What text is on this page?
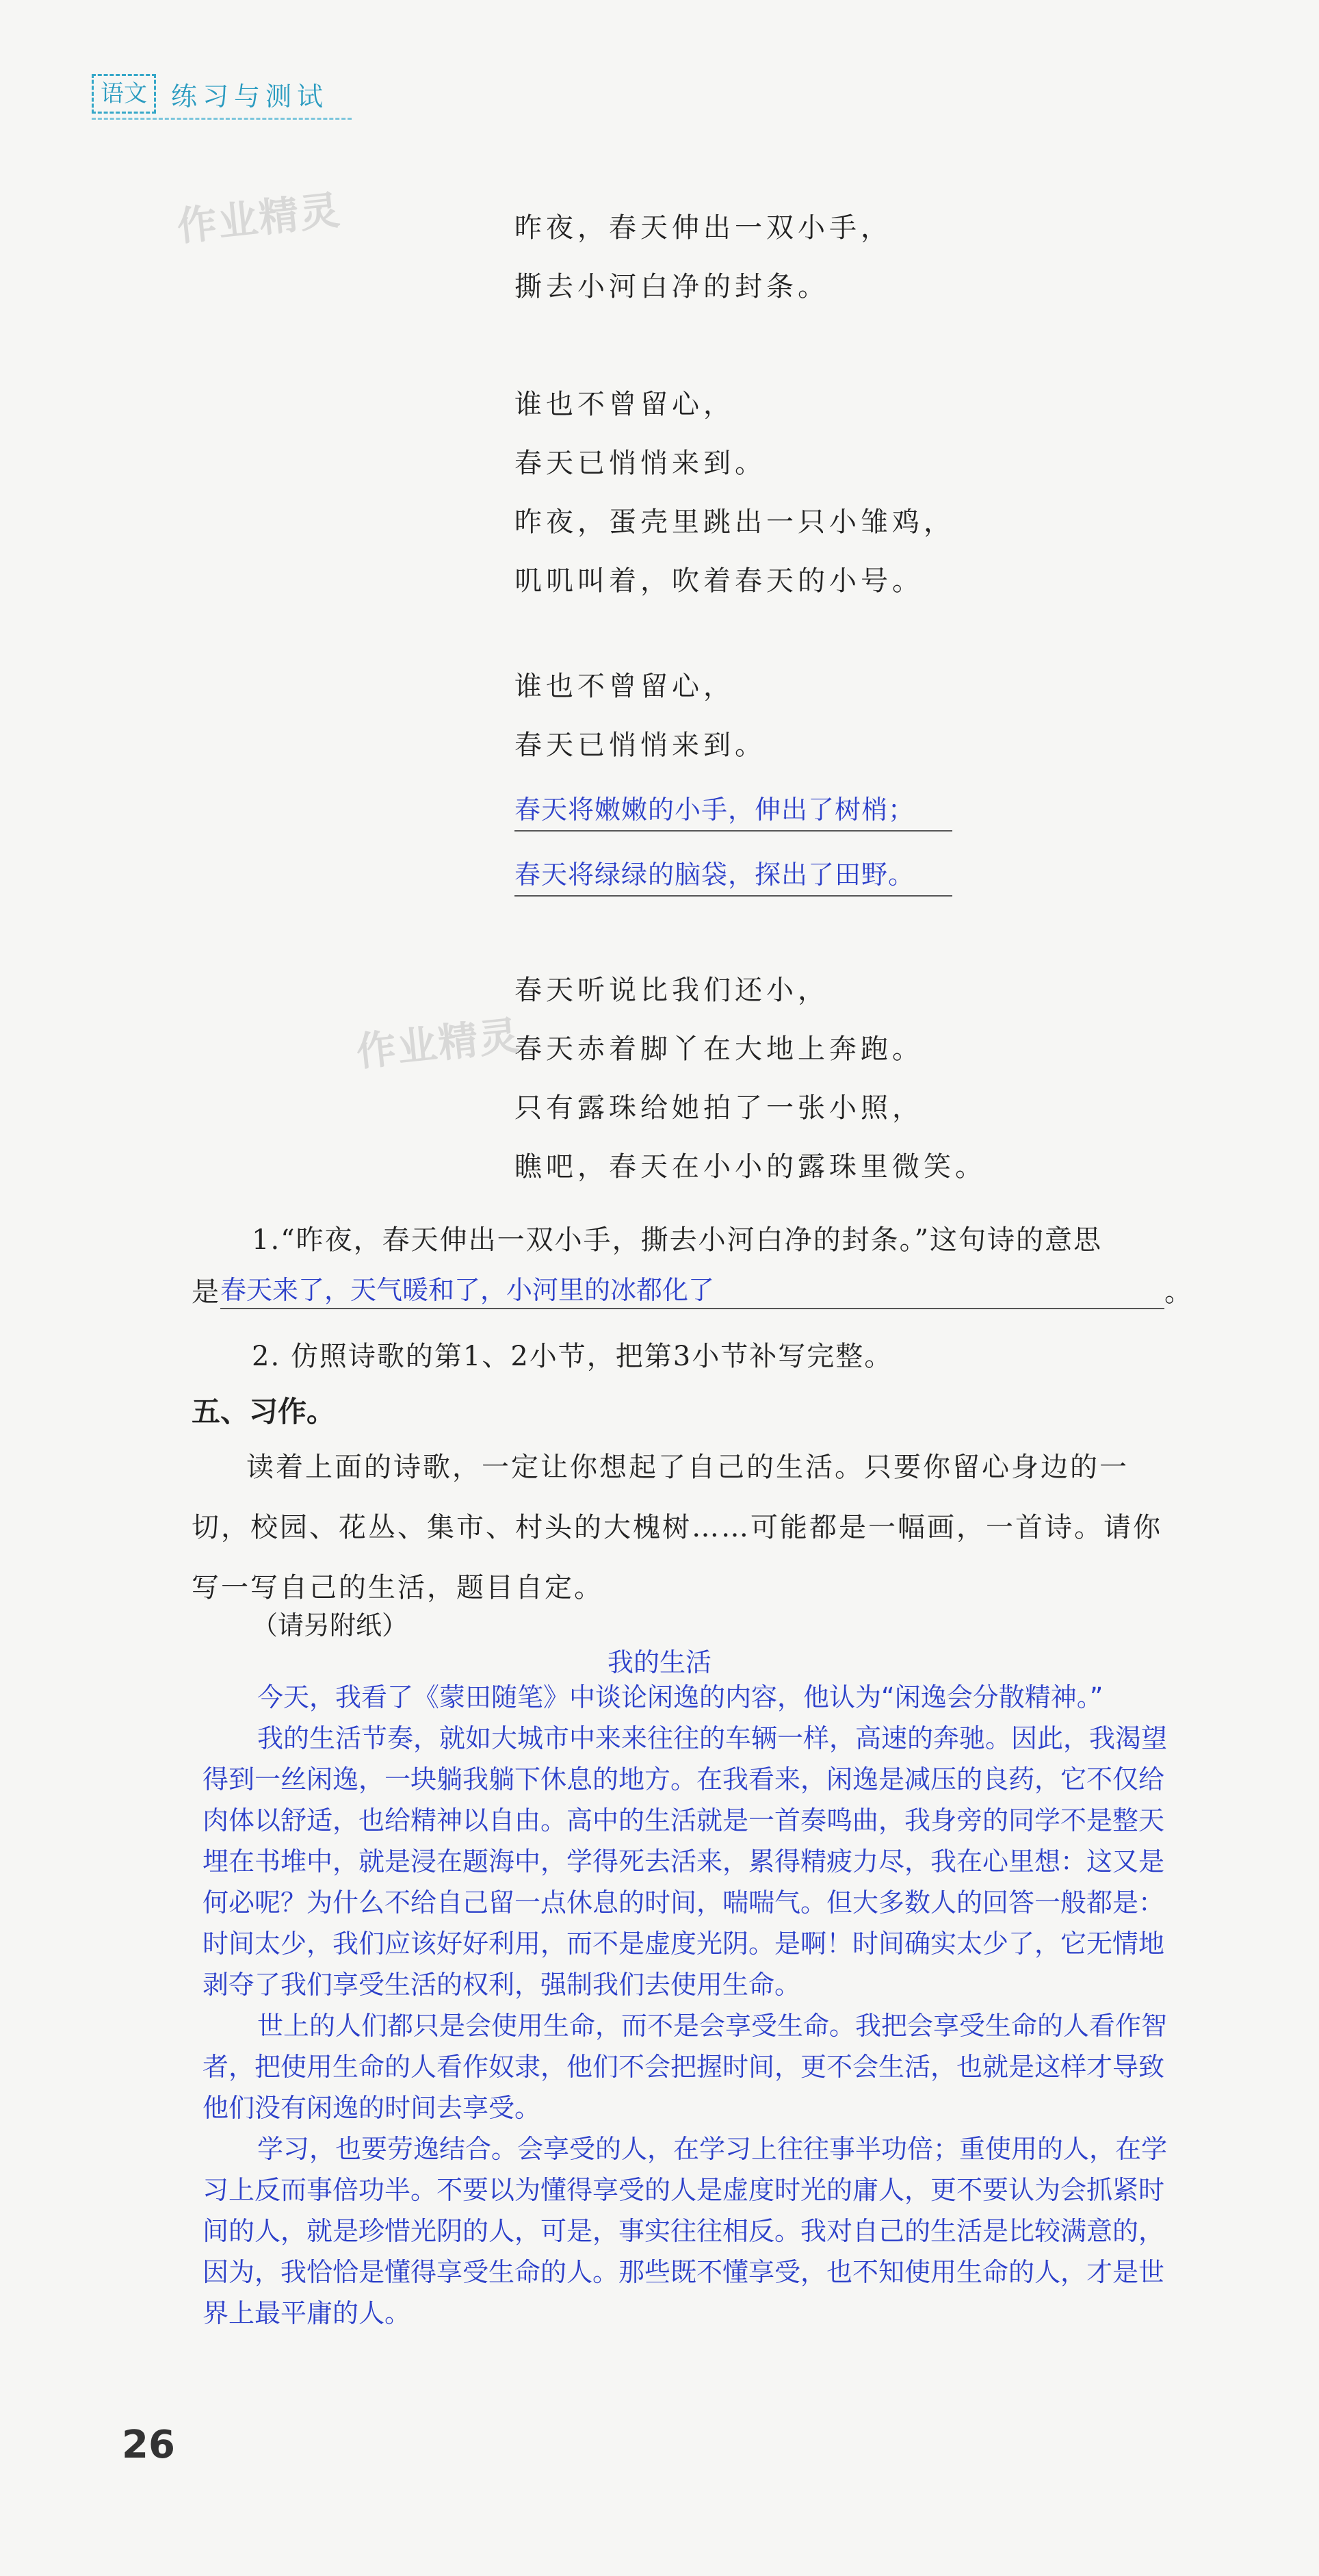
语文 练习与测试
作业精灵
作业精灵
昨夜，春天伸出一双小手，
撕去小河白净的封条。
谁也不曾留心，
春天已悄悄来到。
昨夜，蛋壳里跳出一只小雏鸡，
叽叽叫着，吹着春天的小号。
谁也不曾留心，
春天已悄悄来到。
春天将嫩嫩的小手，伸出了树梢；
春天将绿绿的脑袋，探出了田野。
春天听说比我们还小，
春天赤着脚丫在大地上奔跑。
只有露珠给她拍了一张小照，
瞧吧，春天在小小的露珠里微笑。
1.“昨夜，春天伸出一双小手，撕去小河白净的封条。”这句诗的意思
是春天来了，天气暖和了，小河里的冰都化了	。
2. 仿照诗歌的第1、2小节，把第3小节补写完整。
五、习作。
读着上面的诗歌，一定让你想起了自己的生活。只要你留心身边的一切，校园、花丛、集市、村头的大槐树……可能都是一幅画，一首诗。请你写一写自己的生活，题目自定。
（请另附纸）
我的生活

今天，我看了《蒙田随笔》中谈论闲逸的内容，他认为“闲逸会分散精神。”

我的生活节奏，就如大城市中来来往往的车辆一样，高速的奔驰。因此，我渴望得到一丝闲逸，一块躺我躺下休息的地方。在我看来，闲逸是减压的良药，它不仅给肉体以舒适，也给精神以自由。高中的生活就是一首奏鸣曲，我身旁的同学不是整天埋在书堆中，就是浸在题海中，学得死去活来，累得精疲力尽，我在心里想：这又是何必呢？为什么不给自己留一点休息的时间，喘喘气。但大多数人的回答一般都是：时间太少，我们应该好好利用，而不是虚度光阴。是啊！时间确实太少了，它无情地剥夺了我们享受生活的权利，强制我们去使用生命。

世上的人们都只是会使用生命，而不是会享受生命。我把会享受生命的人看作智者，把使用生命的人看作奴隶，他们不会把握时间，更不会生活，也就是这样才导致他们没有闲逸的时间去享受。

学习，也要劳逸结合。会享受的人，在学习上往往事半功倍；重使用的人，在学习上反而事倍功半。不要以为懂得享受的人是虚度时光的庸人，更不要认为会抓紧时间的人，就是珍惜光阴的人，可是，事实往往相反。我对自己的生活是比较满意的，因为，我恰恰是懂得享受生命的人。那些既不懂享受，也不知使用生命的人，才是世界上最平庸的人。

26
